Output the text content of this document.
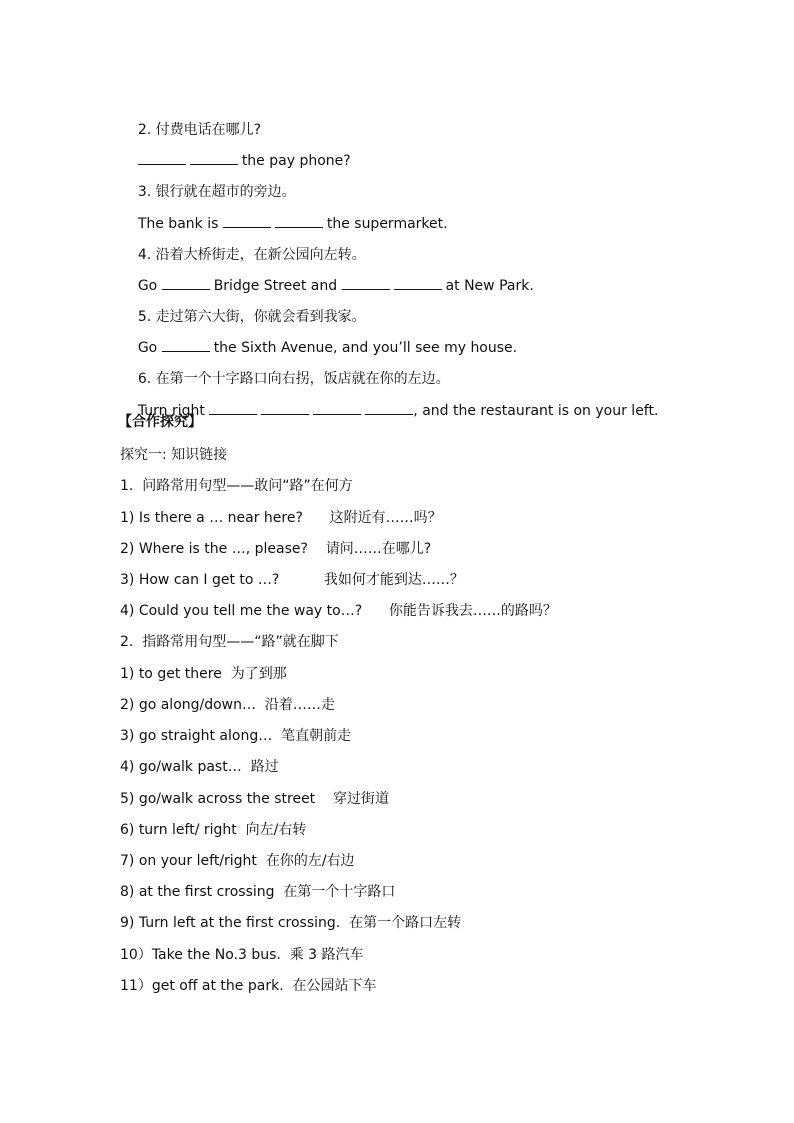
2. 付费电话在哪儿?

the pay phone?

3. 银行就在超市的旁边。

The bank is	the supermarket.

4. 沿着大桥街走，在新公园向左转。

Go	Bridge Street and	at New Park.

5. 走过第六大街，你就会看到我家。

Go	the Sixth Avenue, and you’ll see my house.

6. 在第一个十字路口向右拐，饭店就在你的左边。

Turn right	, and the restaurant is on your left.

【合作探究】
探究一: 知识链接
1.  问路常用句型——敢问“路”在何方
1) Is there a … near here?      这附近有……吗？
2) Where is the …, please?    请问……在哪儿?
3) How can I get to …?          我如何才能到达……？
4) Could you tell me the way to…?      你能告诉我去……的路吗？
2.  指路常用句型——“路”就在脚下
1) to get there  为了到那
2) go along/down…  沿着……走
3) go straight along…  笔直朝前走
4) go/walk past…  路过
5) go/walk across the street    穿过街道
6) turn left/ right  向左/右转
7) on your left/right  在你的左/右边
8) at the first crossing  在第一个十字路口
9) Turn left at the first crossing.  在第一个路口左转
10）Take the No.3 bus.  乘 3 路汽车
11）get off at the park.  在公园站下车
